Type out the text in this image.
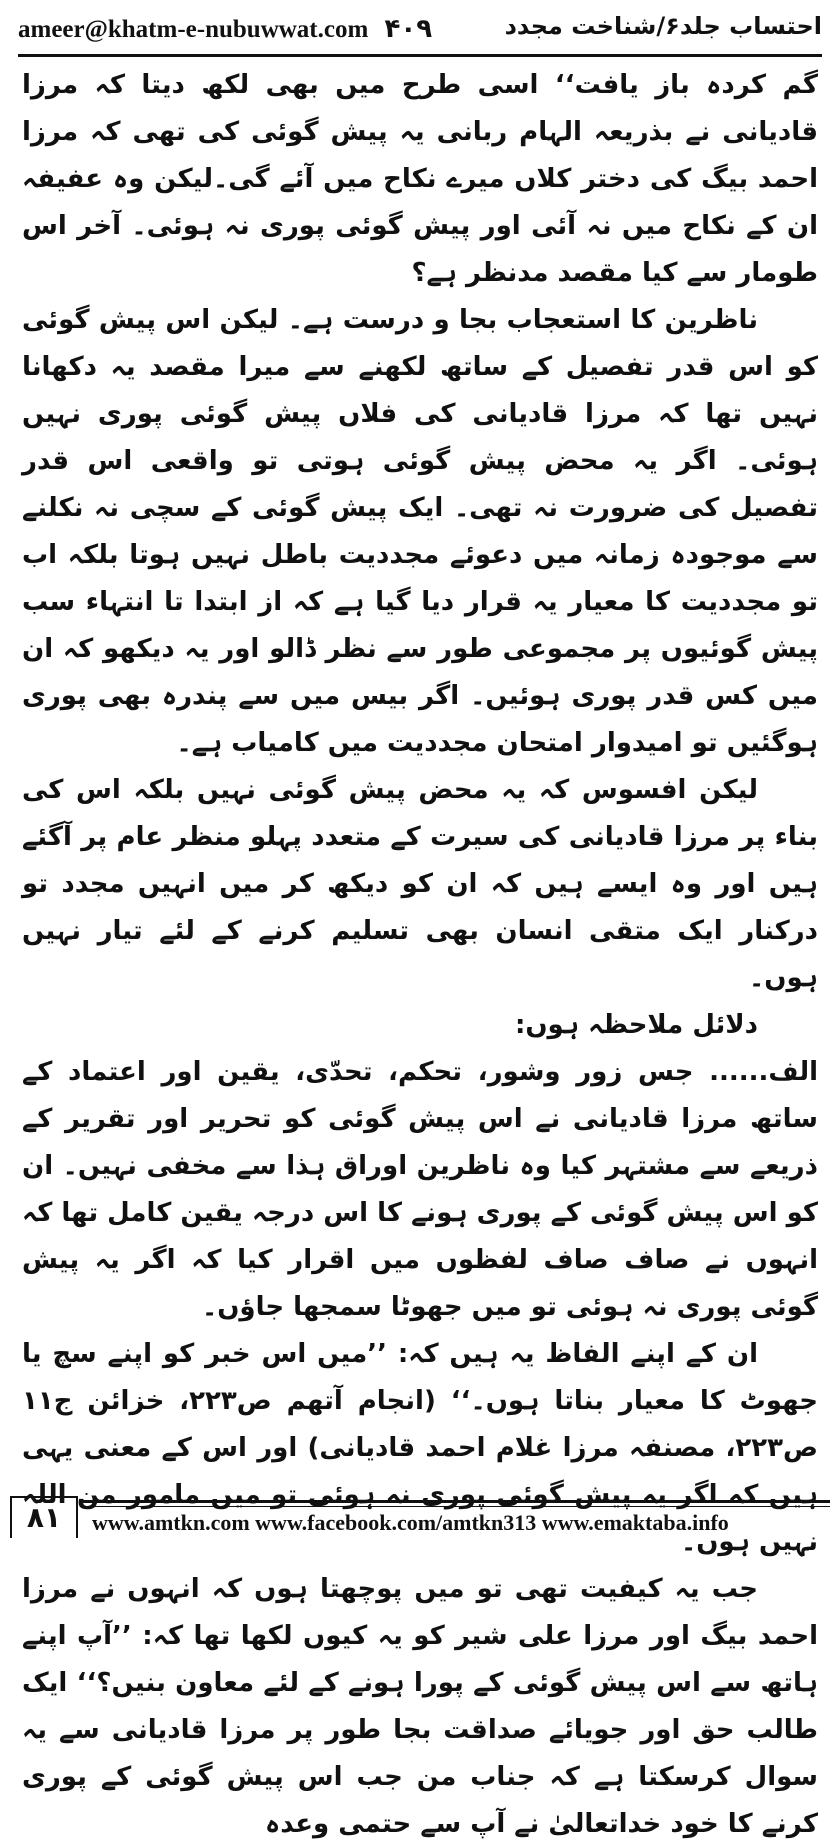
ameer@khatm-e-nubuwwat.com ۴۰۹	احتساب جلد۶/شناخت مجدد

گم کردہ باز یافت‘‘ اسی طرح میں بھی لکھ دیتا کہ مرزا قادیانی نے بذریعہ الہام ربانی یہ پیش گوئی کی تھی کہ مرزا احمد بیگ کی دختر کلاں میرے نکاح میں آئے گی۔لیکن وہ عفیفہ ان کے نکاح میں نہ آئی اور پیش گوئی پوری نہ ہوئی۔ آخر اس طومار سے کیا مقصد مدنظر ہے؟

ناظرین کا استعجاب بجا و درست ہے۔ لیکن اس پیش گوئی کو اس قدر تفصیل کے ساتھ لکھنے سے میرا مقصد یہ دکھانا نہیں تھا کہ مرزا قادیانی کی فلاں پیش گوئی پوری نہیں ہوئی۔ اگر یہ محض پیش گوئی ہوتی تو واقعی اس قدر تفصیل کی ضرورت نہ تھی۔ ایک پیش گوئی کے سچی نہ نکلنے سے موجودہ زمانہ میں دعوئے مجددیت باطل نہیں ہوتا بلکہ اب تو مجددیت کا معیار یہ قرار دیا گیا ہے کہ از ابتدا تا انتہاء سب پیش گوئیوں پر مجموعی طور سے نظر ڈالو اور یہ دیکھو کہ ان میں کس قدر پوری ہوئیں۔ اگر بیس میں سے پندرہ بھی پوری ہوگئیں تو امیدوار امتحان مجددیت میں کامیاب ہے۔

لیکن افسوس کہ یہ محض پیش گوئی نہیں بلکہ اس کی بناء پر مرزا قادیانی کی سیرت کے متعدد پہلو منظر عام پر آگئے ہیں اور وہ ایسے ہیں کہ ان کو دیکھ کر میں انہیں مجدد تو درکنار ایک متقی انسان بھی تسلیم کرنے کے لئے تیار نہیں ہوں۔

دلائل ملاحظہ ہوں:

الف...... جس زور وشور، تحکم، تحدّی، یقین اور اعتماد کے ساتھ مرزا قادیانی نے اس پیش گوئی کو تحریر اور تقریر کے ذریعے سے مشتہر کیا وہ ناظرین اوراق ہذا سے مخفی نہیں۔ ان کو اس پیش گوئی کے پوری ہونے کا اس درجہ یقین کامل تھا کہ انہوں نے صاف صاف لفظوں میں اقرار کیا کہ اگر یہ پیش گوئی پوری نہ ہوئی تو میں جھوٹا سمجھا جاؤں۔

ان کے اپنے الفاظ یہ ہیں کہ: ’’میں اس خبر کو اپنے سچ یا جھوٹ کا معیار بناتا ہوں۔‘‘ (انجام آتھم ص۲۲۳، خزائن ج۱۱ ص۲۲۳، مصنفہ مرزا غلام احمد قادیانی) اور اس کے معنی یہی ہیں کہ اگر یہ پیش گوئی پوری نہ ہوئی تو میں مامور من اللہ نہیں ہوں۔

جب یہ کیفیت تھی تو میں پوچھتا ہوں کہ انہوں نے مرزا احمد بیگ اور مرزا علی شیر کو یہ کیوں لکھا تھا کہ: ’’آپ اپنے ہاتھ سے اس پیش گوئی کے پورا ہونے کے لئے معاون بنیں؟‘‘ ایک طالب حق اور جویائے صداقت بجا طور پر مرزا قادیانی سے یہ سوال کرسکتا ہے کہ جناب من جب اس پیش گوئی کے پوری کرنے کا خود خداتعالیٰ نے آپ سے حتمی وعدہ

۸۱	www.amtkn.com www.facebook.com/amtkn313 www.emaktaba.info
